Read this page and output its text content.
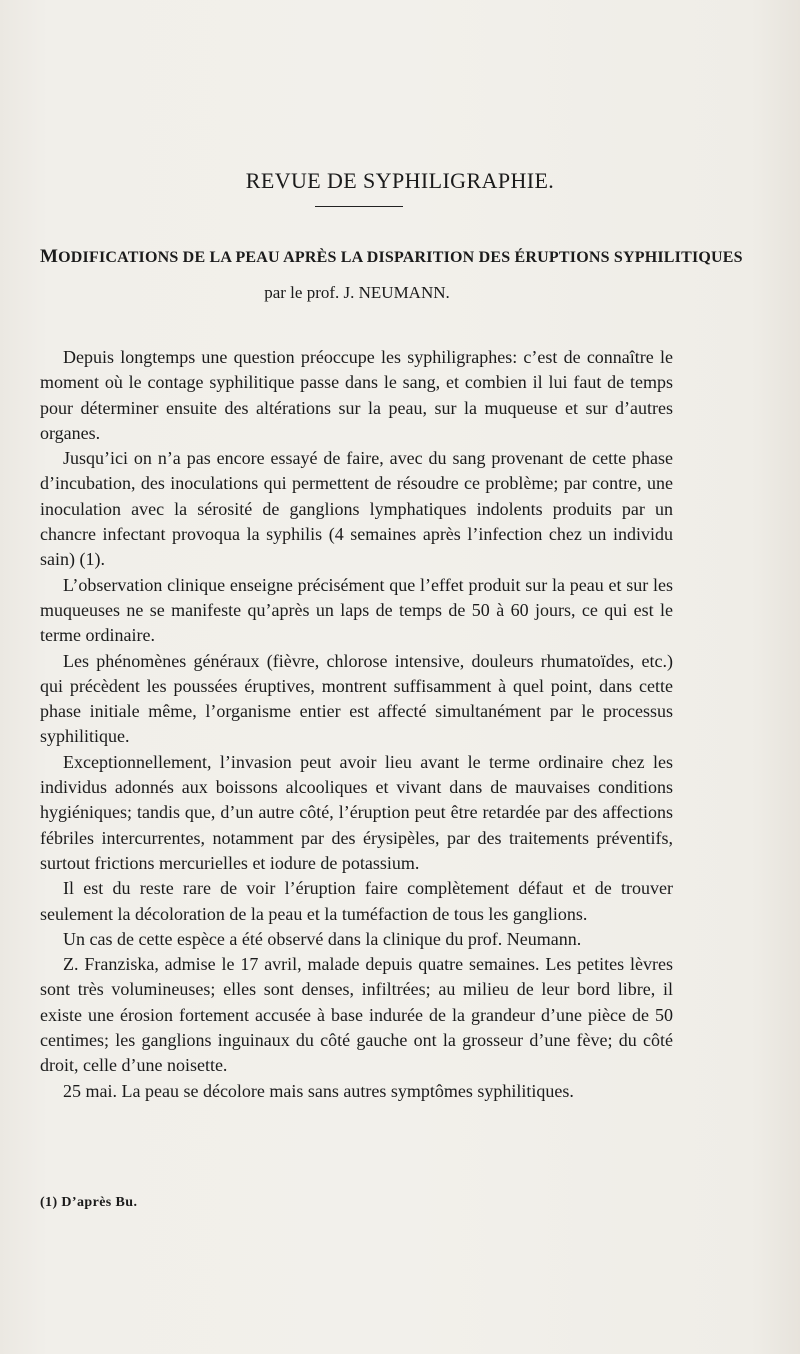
REVUE DE SYPHILIGRAPHIE.
MODIFICATIONS DE LA PEAU APRÈS LA DISPARITION DES ÉRUPTIONS SYPHILITIQUES
par le prof. J. NEUMANN.

Depuis longtemps une question préoccupe les syphiligraphes: c’est de connaître le moment où le contage syphilitique passe dans le sang, et combien il lui faut de temps pour déterminer ensuite des altérations sur la peau, sur la muqueuse et sur d’autres organes.

Jusqu’ici on n’a pas encore essayé de faire, avec du sang provenant de cette phase d’incubation, des inoculations qui permettent de résoudre ce problème; par contre, une inoculation avec la sérosité de ganglions lymphatiques indolents produits par un chancre infectant provoqua la syphilis (4 semaines après l’infection chez un individu sain) (1).

L’observation clinique enseigne précisément que l’effet produit sur la peau et sur les muqueuses ne se manifeste qu’après un laps de temps de 50 à 60 jours, ce qui est le terme ordinaire.

Les phénomènes généraux (fièvre, chlorose intensive, douleurs rhumatoïdes, etc.) qui précèdent les poussées éruptives, montrent suffisamment à quel point, dans cette phase initiale même, l’organisme entier est affecté simultanément par le processus syphilitique.

Exceptionnellement, l’invasion peut avoir lieu avant le terme ordinaire chez les individus adonnés aux boissons alcooliques et vivant dans de mauvaises conditions hygiéniques; tandis que, d’un autre côté, l’éruption peut être retardée par des affections fébriles intercurrentes, notamment par des érysipèles, par des traitements préventifs, surtout frictions mercurielles et iodure de potassium.

Il est du reste rare de voir l’éruption faire complètement défaut et de trouver seulement la décoloration de la peau et la tuméfaction de tous les ganglions.

Un cas de cette espèce a été observé dans la clinique du prof. Neumann.

Z. Franziska, admise le 17 avril, malade depuis quatre semaines. Les petites lèvres sont très volumineuses; elles sont denses, infiltrées; au milieu de leur bord libre, il existe une érosion fortement accusée à base indurée de la grandeur d’une pièce de 50 centimes; les ganglions inguinaux du côté gauche ont la grosseur d’une fève; du côté droit, celle d’une noisette.

25 mai. La peau se décolore mais sans autres symptômes syphilitiques.

(1) D’après Bu.
